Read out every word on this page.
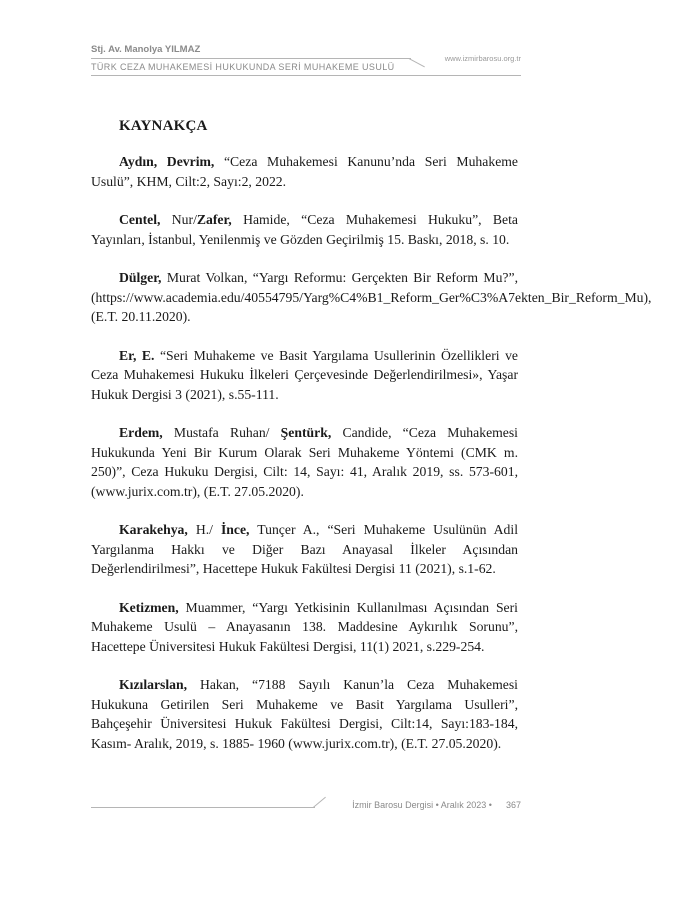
Stj. Av. Manolya YILMAZ
www.izmirbarosu.org.tr
TÜRK CEZA MUHAKEMESİ HUKUKUNDA SERİ MUHAKEME USULÜ
KAYNAKÇA

Aydın, Devrim, “Ceza Muhakemesi Kanunu’nda Seri Muhakeme Usulü”, KHM, Cilt:2, Sayı:2, 2022.

Centel, Nur/Zafer, Hamide, “Ceza Muhakemesi Hukuku”, Beta Yayınları, İstanbul, Yenilenmiş ve Gözden Geçirilmiş 15. Baskı, 2018, s. 10.

Dülger, Murat Volkan, “Yargı Reformu: Gerçekten Bir Reform Mu?”, (https://www.academia.edu/40554795/Yarg%C4%B1_Reform_Ger%C3%A7ekten_Bir_Reform_Mu), (E.T. 20.11.2020).

Er, E. “Seri Muhakeme ve Basit Yargılama Usullerinin Özellikleri ve Ceza Muhakemesi Hukuku İlkeleri Çerçevesinde Değerlendirilmesi», Yaşar Hukuk Dergisi 3 (2021), s.55-111.

Erdem, Mustafa Ruhan/ Şentürk, Candide, “Ceza Muhakemesi Hukukunda Yeni Bir Kurum Olarak Seri Muhakeme Yöntemi (CMK m. 250)”, Ceza Hukuku Dergisi, Cilt: 14, Sayı: 41, Aralık 2019, ss. 573-601, (www.jurix.com.tr), (E.T. 27.05.2020).

Karakehya, H./ İnce, Tunçer A., “Seri Muhakeme Usulünün Adil Yargılanma Hakkı ve Diğer Bazı Anayasal İlkeler Açısından Değerlendirilmesi”, Hacettepe Hukuk Fakültesi Dergisi 11 (2021), s.1-62.

Ketizmen, Muammer, “Yargı Yetkisinin Kullanılması Açısından Seri Muhakeme Usulü – Anayasanın 138. Maddesine Aykırılık Sorunu”, Hacettepe Üniversitesi Hukuk Fakültesi Dergisi, 11(1) 2021, s.229-254.

Kızılarslan, Hakan, “7188 Sayılı Kanun’la Ceza Muhakemesi Hukukuna Getirilen Seri Muhakeme ve Basit Yargılama Usulleri”, Bahçeşehir Üniversitesi Hukuk Fakültesi Dergisi, Cilt:14, Sayı:183-184, Kasım- Aralık, 2019, s. 1885- 1960 (www.jurix.com.tr), (E.T. 27.05.2020).

İzmir Barosu Dergisi • Aralık 2023 • 367
